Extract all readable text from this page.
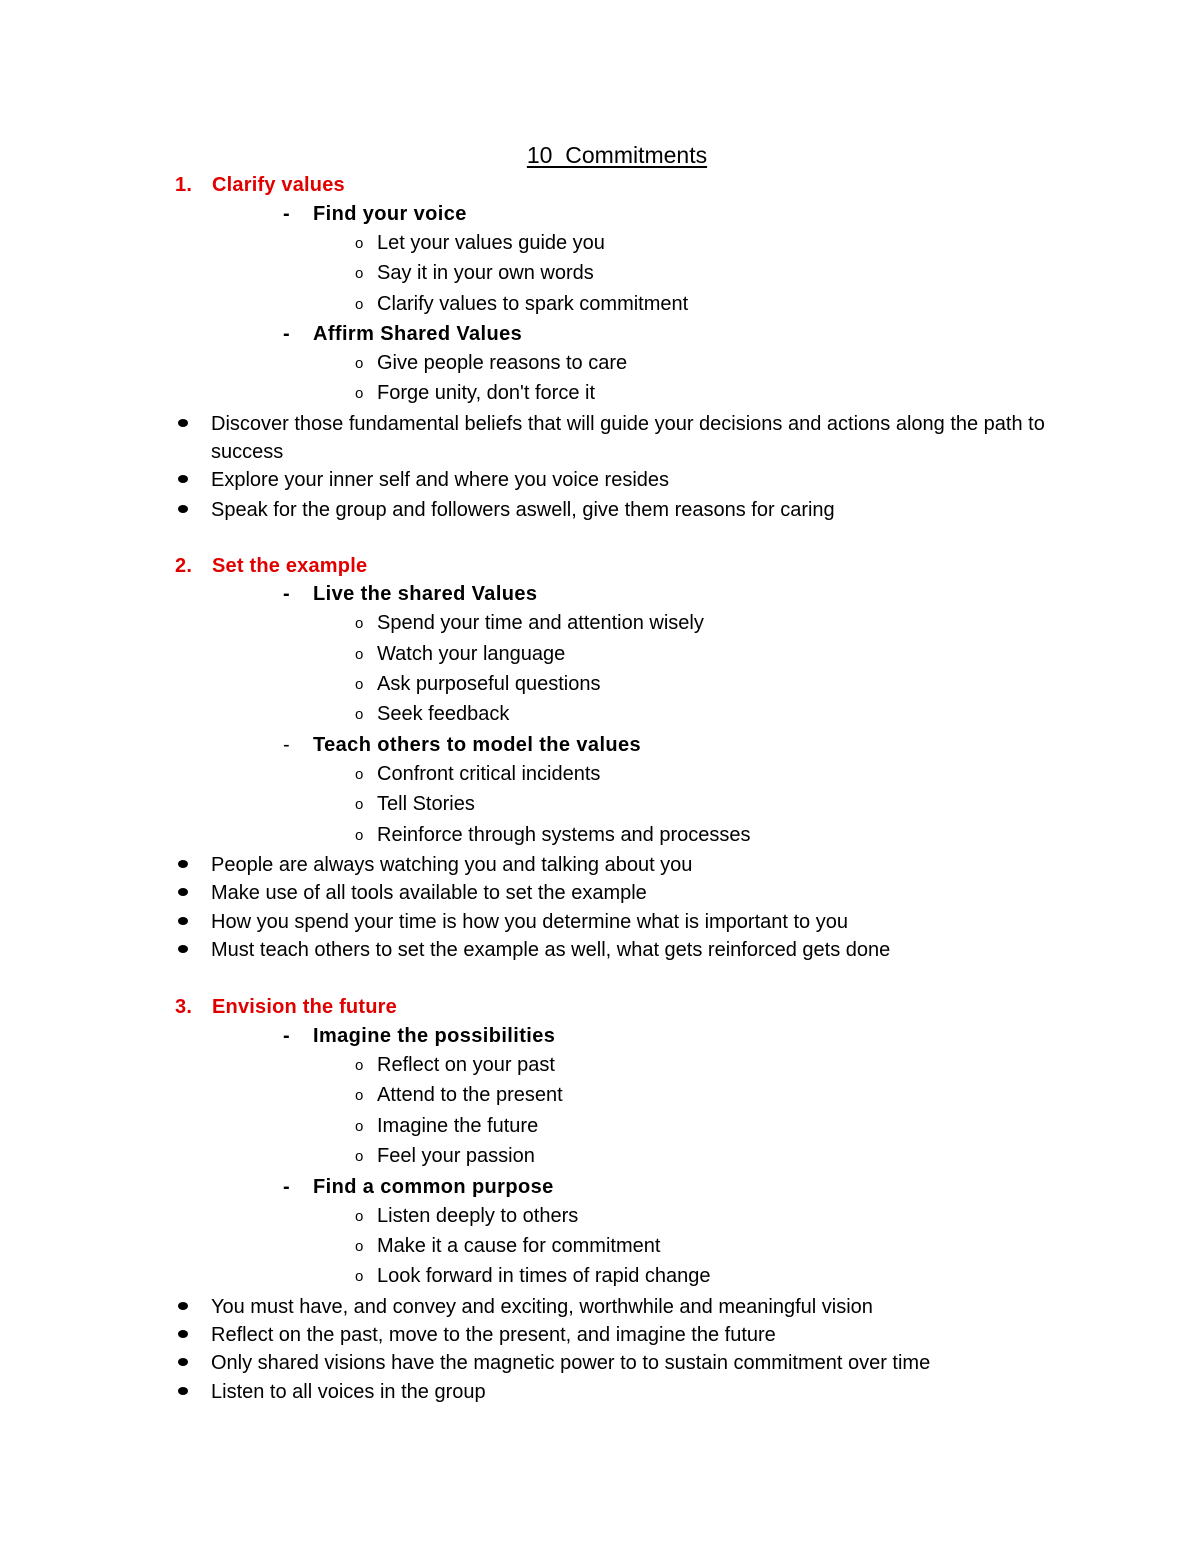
10  Commitments
1. Clarify values
- Find your voice
o Let your values guide you
o Say it in your own words
o Clarify values to spark commitment
- Affirm Shared Values
o Give people reasons to care
o Forge unity, don't force it
Discover those fundamental beliefs that will guide your decisions and actions along the path to success
Explore your inner self and where you voice resides
Speak for the group and followers aswell, give them reasons for caring
2. Set the example
- Live the shared Values
o Spend your time and attention wisely
o Watch your language
o Ask purposeful questions
o Seek feedback
- Teach others to model the values
o Confront critical incidents
o Tell Stories
o Reinforce through systems and processes
People are always watching you and talking about you
Make use of all tools available to set the example
How you spend your time is how you determine what is important to you
Must teach others to set the example as well, what gets reinforced gets done
3. Envision the future
- Imagine the possibilities
o Reflect on your past
o Attend to the present
o Imagine the future
o Feel your passion
- Find a common purpose
o Listen deeply to others
o Make it a cause for commitment
o Look forward in times of rapid change
You must have, and convey and exciting, worthwhile and meaningful vision
Reflect on the past, move to the present, and imagine the future
Only shared visions have the magnetic power to to sustain commitment over time
Listen to all voices in the group
